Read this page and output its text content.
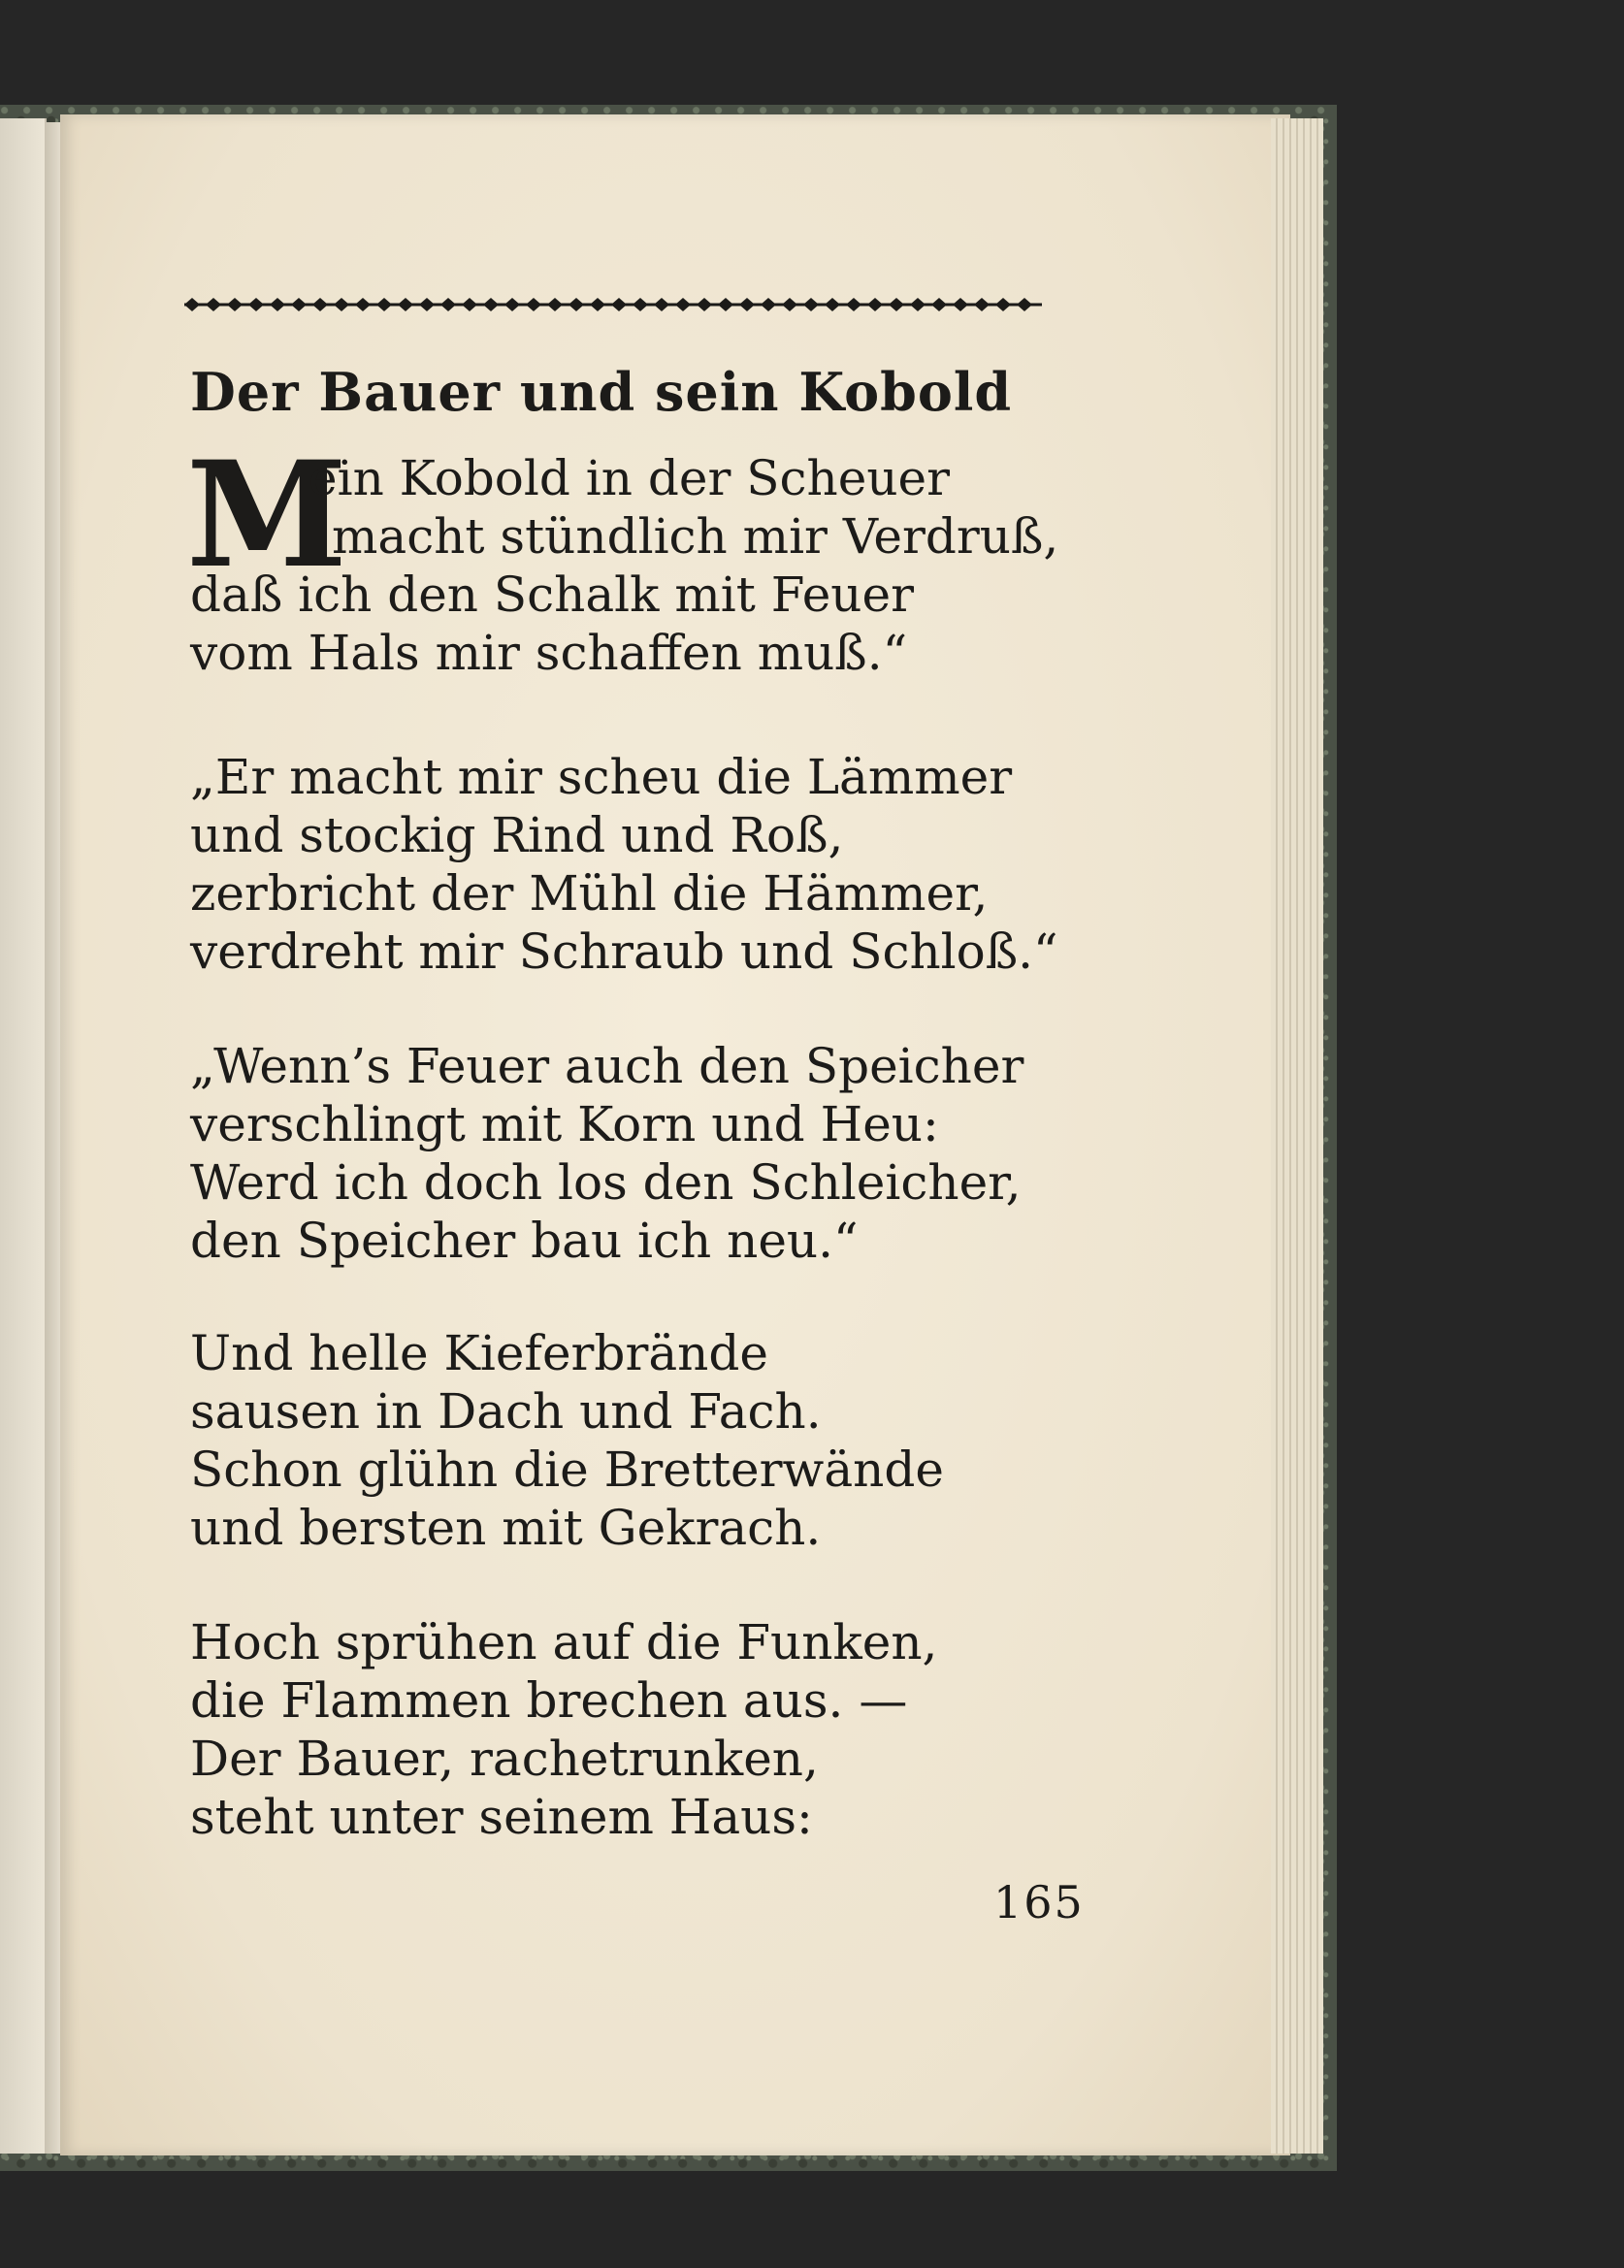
Der Bauer und sein Kobold
M
ein Kobold in der Scheuer
macht stündlich mir Verdruß,
daß ich den Schalk mit Feuer
vom Hals mir schaffen muß.“
„Er macht mir scheu die Lämmer
und stockig Rind und Roß,
zerbricht der Mühl die Hämmer,
verdreht mir Schraub und Schloß.“
„Wenn’s Feuer auch den Speicher
verschlingt mit Korn und Heu:
Werd ich doch los den Schleicher,
den Speicher bau ich neu.“
Und helle Kieferbrände
sausen in Dach und Fach.
Schon glühn die Bretterwände
und bersten mit Gekrach.
Hoch sprühen auf die Funken,
die Flammen brechen aus. —
Der Bauer, rachetrunken,
steht unter seinem Haus:
165
